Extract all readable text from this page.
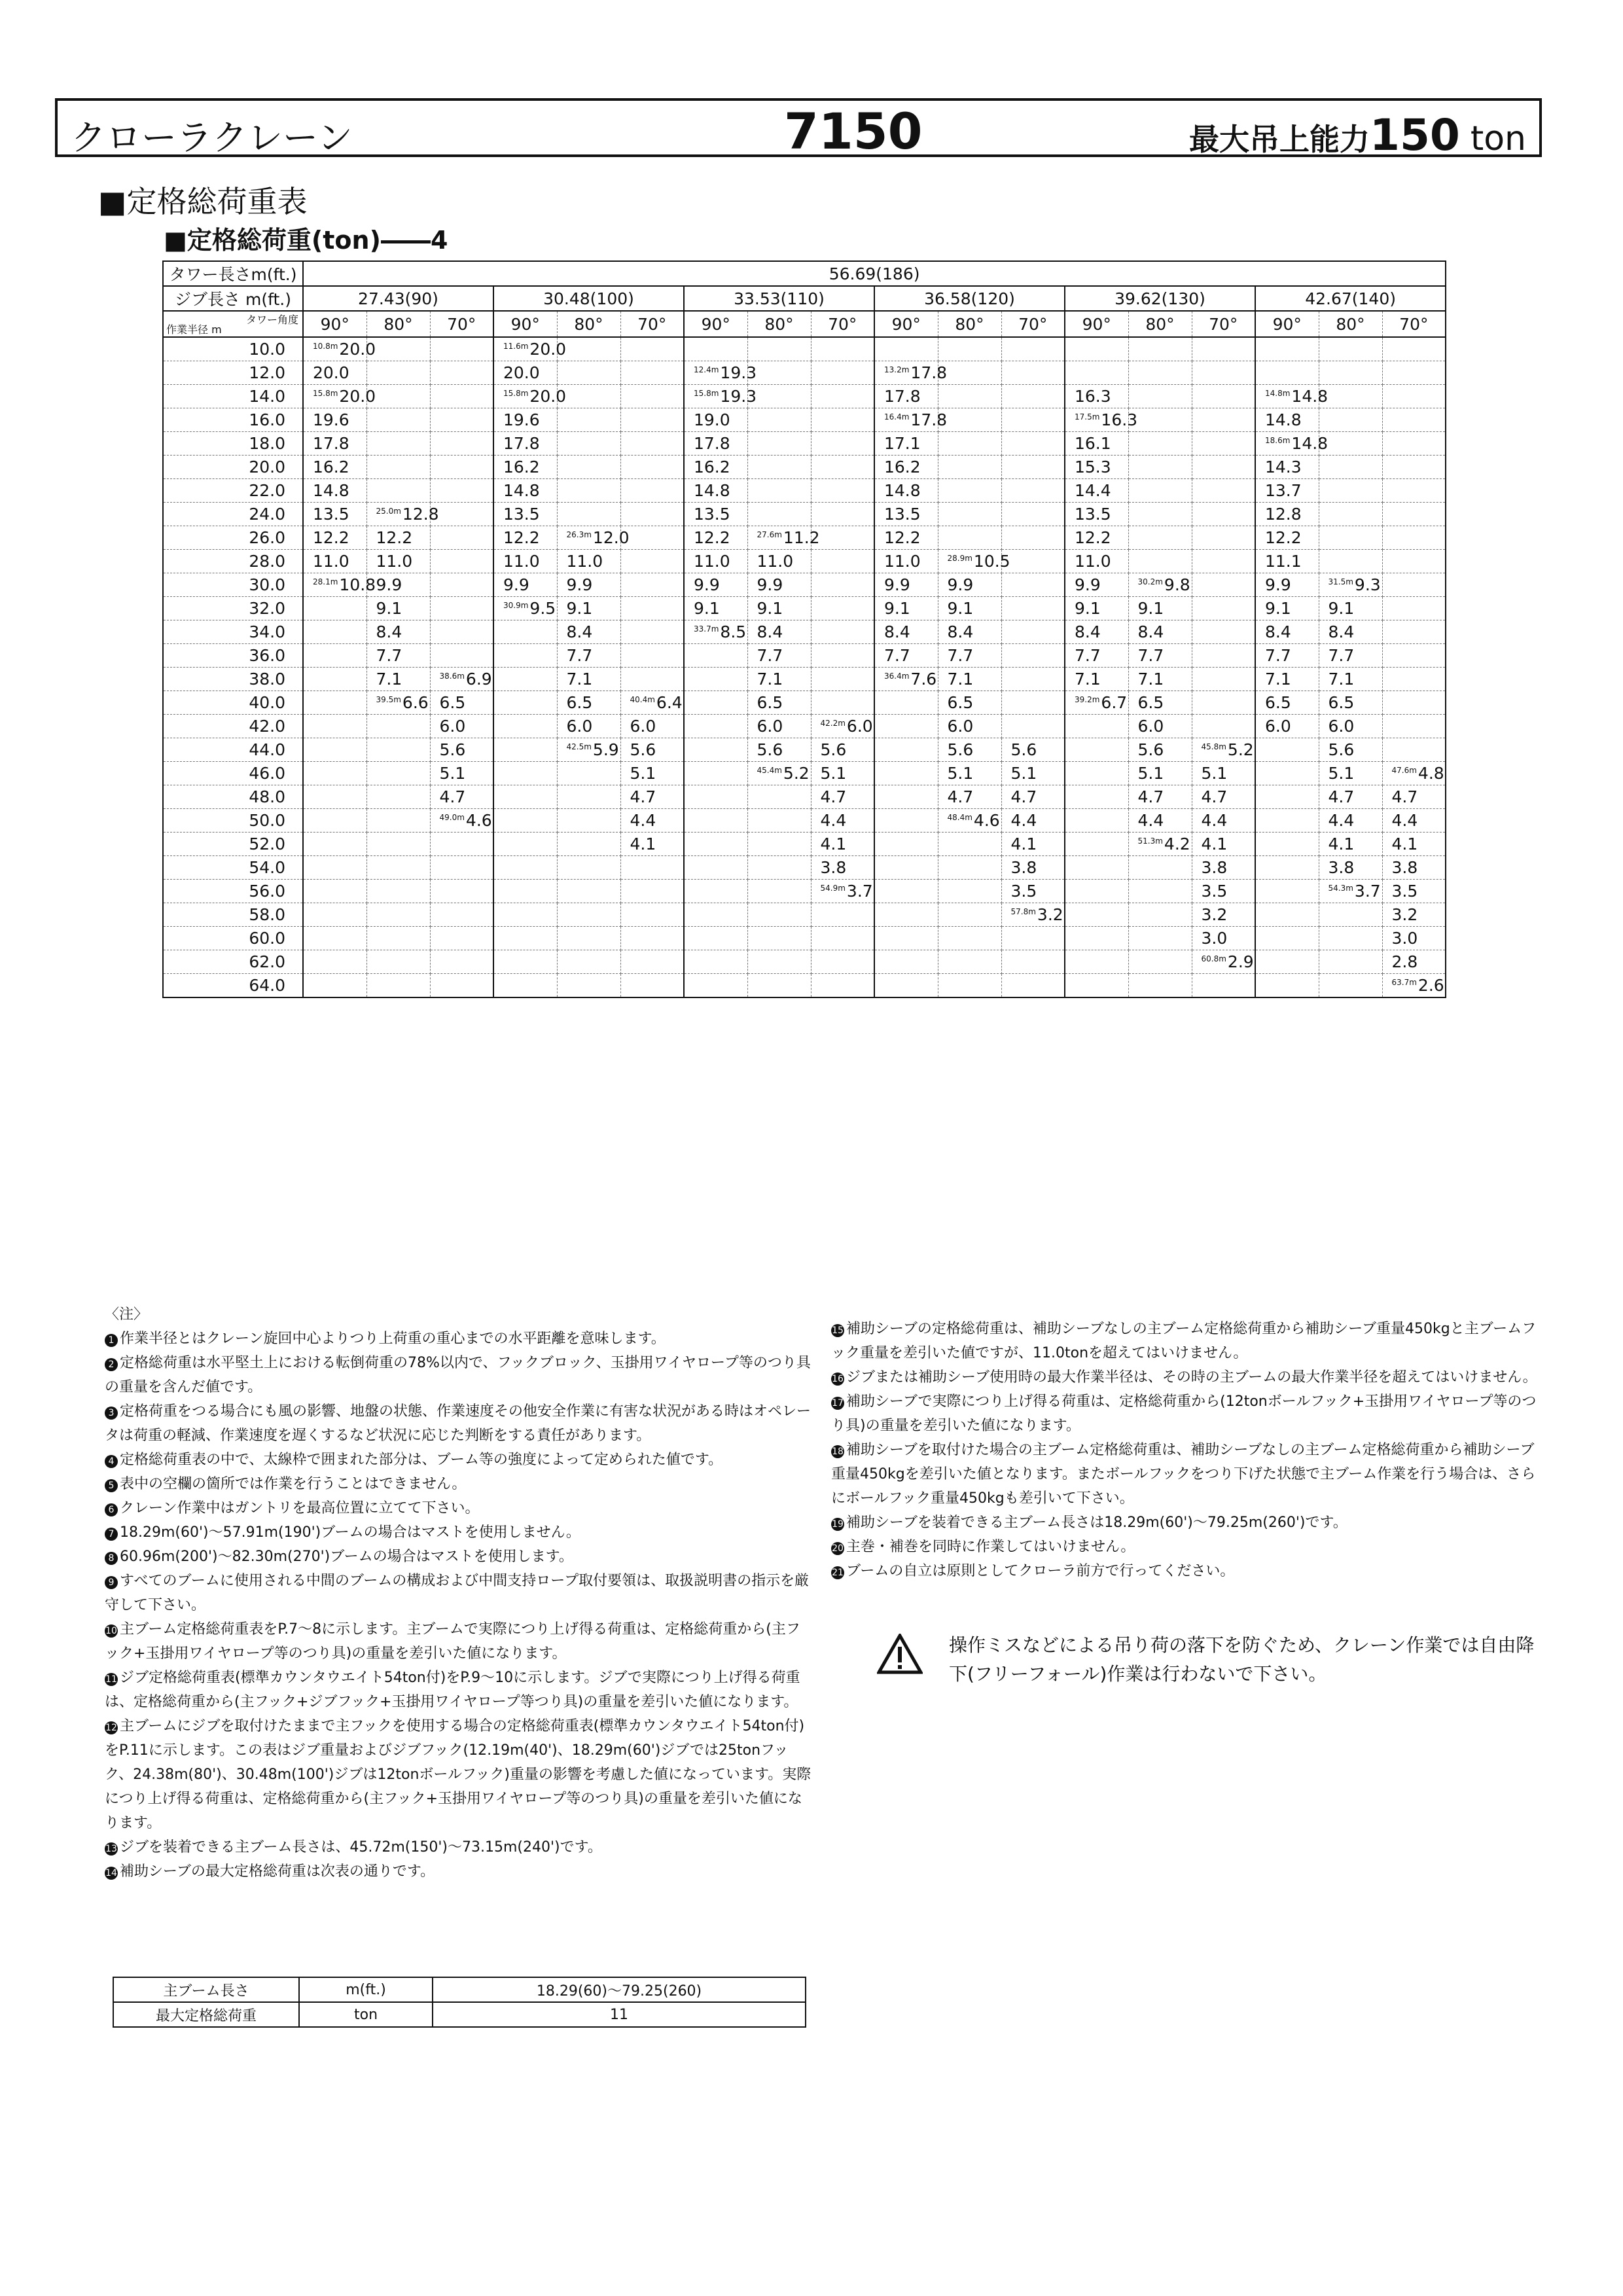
クローラクレーン	7150	最大吊上能力150 ton
■定格総荷重表
■定格総荷重(ton)――4
タワー長さm(ft.)	56.69(186)																	
ジブ長さ m(ft.)	27.43(90)			30.48(100)			33.53(110)			36.58(120)			39.62(130)			42.67(140)		

タワー角度
作業半径 m	90°	80°	70°	90°	80°	70°	90°	80°	70°	90°	80°	70°	90°	80°	70°	90°	80°	70°
10.0	$^{10.8m}$20.0			$^{11.6m}$20.0														
12.0	20.0			20.0			$^{12.4m}$19.3			$^{13.2m}$17.8								
14.0	$^{15.8m}$20.0			$^{15.8m}$20.0			$^{15.8m}$19.3			17.8			16.3			$^{14.8m}$14.8		
16.0	19.6			19.6			19.0			$^{16.4m}$17.8			$^{17.5m}$16.3			14.8		
18.0	17.8			17.8			17.8			17.1			16.1			$^{18.6m}$14.8		
20.0	16.2			16.2			16.2			16.2			15.3			14.3		
22.0	14.8			14.8			14.8			14.8			14.4			13.7		
24.0	13.5	$^{25.0m}$12.8		13.5			13.5			13.5			13.5			12.8		
26.0	12.2	12.2		12.2	$^{26.3m}$12.0		12.2	$^{27.6m}$11.2		12.2			12.2			12.2		
28.0	11.0	11.0		11.0	11.0		11.0	11.0		11.0	$^{28.9m}$10.5		11.0			11.1		
30.0	$^{28.1m}$10.8	9.9		9.9	9.9		9.9	9.9		9.9	9.9		9.9	$^{30.2m}$9.8		9.9	$^{31.5m}$9.3	
32.0		9.1		$^{30.9m}$9.5	9.1		9.1	9.1		9.1	9.1		9.1	9.1		9.1	9.1	
34.0		8.4			8.4		$^{33.7m}$8.5	8.4		8.4	8.4		8.4	8.4		8.4	8.4	
36.0		7.7			7.7			7.7		7.7	7.7		7.7	7.7		7.7	7.7	
38.0		7.1	$^{38.6m}$6.9		7.1			7.1		$^{36.4m}$7.6	7.1		7.1	7.1		7.1	7.1	
40.0		$^{39.5m}$6.6	6.5		6.5	$^{40.4m}$6.4		6.5			6.5		$^{39.2m}$6.7	6.5		6.5	6.5	
42.0			6.0		6.0	6.0		6.0	$^{42.2m}$6.0		6.0			6.0		6.0	6.0	
44.0			5.6		$^{42.5m}$5.9	5.6		5.6	5.6		5.6	5.6		5.6	$^{45.8m}$5.2		5.6	
46.0			5.1			5.1		$^{45.4m}$5.2	5.1		5.1	5.1		5.1	5.1		5.1	$^{47.6m}$4.8
48.0			4.7			4.7			4.7		4.7	4.7		4.7	4.7		4.7	4.7
50.0			$^{49.0m}$4.6			4.4			4.4		$^{48.4m}$4.6	4.4		4.4	4.4		4.4	4.4
52.0						4.1			4.1			4.1		$^{51.3m}$4.2	4.1		4.1	4.1
54.0									3.8			3.8			3.8		3.8	3.8
56.0									$^{54.9m}$3.7			3.5			3.5		$^{54.3m}$3.7	3.5
58.0												$^{57.8m}$3.2			3.2			3.2
60.0															3.0			3.0
62.0															$^{60.8m}$2.9			2.8
64.0																		$^{63.7m}$2.6

〈注〉

1 作業半径とはクレーン旋回中心よりつり上荷重の重心までの水平距離を意味します。

2 定格総荷重は水平堅土上における転倒荷重の78%以内で、フックブロック、玉掛用ワイヤロープ等のつり具の重量を含んだ値です。

3 定格荷重をつる場合にも風の影響、地盤の状態、作業速度その他安全作業に有害な状況がある時はオペレータは荷重の軽減、作業速度を遅くするなど状況に応じた判断をする責任があります。

4 定格総荷重表の中で、太線枠で囲まれた部分は、ブーム等の強度によって定められた値です。

5 表中の空欄の箇所では作業を行うことはできません。

6 クレーン作業中はガントリを最高位置に立てて下さい。

7 18.29m(60')〜57.91m(190')ブームの場合はマストを使用しません。

8 60.96m(200')〜82.30m(270')ブームの場合はマストを使用します。

9 すべてのブームに使用される中間のブームの構成および中間支持ロープ取付要領は、取扱説明書の指示を厳守して下さい。

10 主ブーム定格総荷重表をP.7〜8に示します。主ブームで実際につり上げ得る荷重は、定格総荷重から(主フック+玉掛用ワイヤロープ等のつり具)の重量を差引いた値になります。

11 ジブ定格総荷重表(標準カウンタウエイト54ton付)をP.9〜10に示します。ジブで実際につり上げ得る荷重は、定格総荷重から(主フック+ジブフック+玉掛用ワイヤロープ等つり具)の重量を差引いた値になります。

12 主ブームにジブを取付けたままで主フックを使用する場合の定格総荷重表(標準カウンタウエイト54ton付)をP.11に示します。この表はジブ重量およびジブフック(12.19m(40')、18.29m(60')ジブでは25tonフック、24.38m(80')、30.48m(100')ジブは12tonボールフック)重量の影響を考慮した値になっています。実際につり上げ得る荷重は、定格総荷重から(主フック+玉掛用ワイヤロープ等のつり具)の重量を差引いた値になります。

13 ジブを装着できる主ブーム長さは、45.72m(150')〜73.15m(240')です。

14 補助シーブの最大定格総荷重は次表の通りです。

15 補助シーブの定格総荷重は、補助シーブなしの主ブーム定格総荷重から補助シーブ重量450kgと主ブームフック重量を差引いた値ですが、11.0tonを超えてはいけません。

16 ジブまたは補助シーブ使用時の最大作業半径は、その時の主ブームの最大作業半径を超えてはいけません。

17 補助シーブで実際につり上げ得る荷重は、定格総荷重から(12tonボールフック+玉掛用ワイヤロープ等のつり具)の重量を差引いた値になります。

18 補助シーブを取付けた場合の主ブーム定格総荷重は、補助シーブなしの主ブーム定格総荷重から補助シーブ重量450kgを差引いた値となります。またボールフックをつり下げた状態で主ブーム作業を行う場合は、さらにボールフック重量450kgも差引いて下さい。

19 補助シーブを装着できる主ブーム長さは18.29m(60')〜79.25m(260')です。

20 主巻・補巻を同時に作業してはいけません。

21 ブームの自立は原則としてクローラ前方で行ってください。

操作ミスなどによる吊り荷の落下を防ぐため、クレーン作業では自由降下(フリーフォール)作業は行わないで下さい。
主ブーム長さ	m(ft.)	18.29(60)〜79.25(260)
最大定格総荷重	ton	11
